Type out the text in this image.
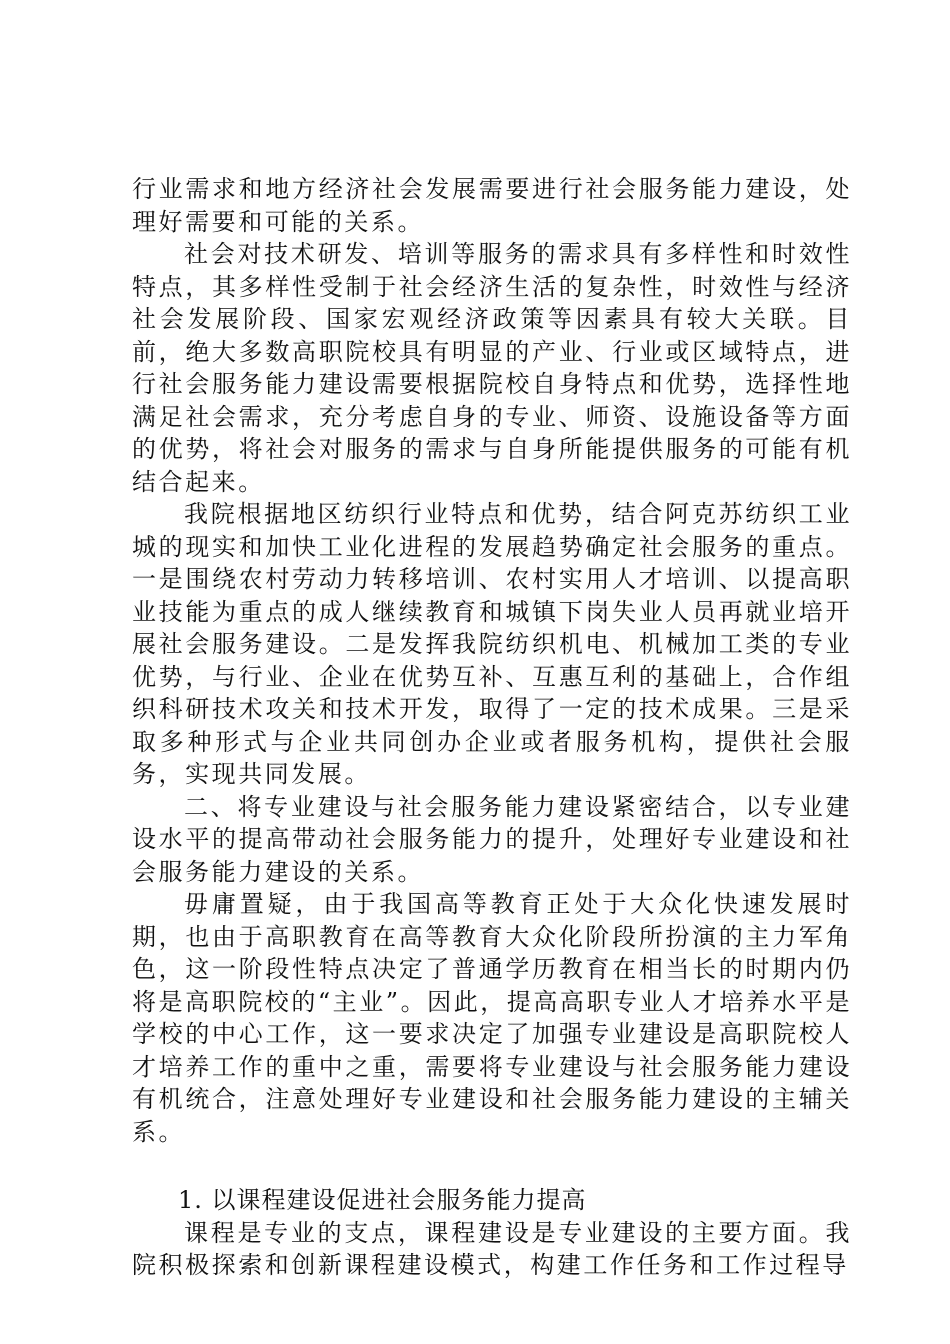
行业需求和地方经济社会发展需要进行社会服务能力建设，处理好需要和可能的关系。

社会对技术研发、培训等服务的需求具有多样性和时效性特点，其多样性受制于社会经济生活的复杂性，时效性与经济社会发展阶段、国家宏观经济政策等因素具有较大关联。目前，绝大多数高职院校具有明显的产业、行业或区域特点，进行社会服务能力建设需要根据院校自身特点和优势，选择性地满足社会需求，充分考虑自身的专业、师资、设施设备等方面的优势，将社会对服务的需求与自身所能提供服务的可能有机结合起来。

我院根据地区纺织行业特点和优势，结合阿克苏纺织工业城的现实和加快工业化进程的发展趋势确定社会服务的重点。一是围绕农村劳动力转移培训、农村实用人才培训、以提高职业技能为重点的成人继续教育和城镇下岗失业人员再就业培开展社会服务建设。二是发挥我院纺织机电、机械加工类的专业优势，与行业、企业在优势互补、互惠互利的基础上，合作组织科研技术攻关和技术开发，取得了一定的技术成果。三是采取多种形式与企业共同创办企业或者服务机构，提供社会服务，实现共同发展。

二、将专业建设与社会服务能力建设紧密结合，以专业建设水平的提高带动社会服务能力的提升，处理好专业建设和社会服务能力建设的关系。

毋庸置疑，由于我国高等教育正处于大众化快速发展时期，也由于高职教育在高等教育大众化阶段所扮演的主力军角色，这一阶段性特点决定了普通学历教育在相当长的时期内仍将是高职院校的“主业”。因此，提高高职专业人才培养水平是学校的中心工作，这一要求决定了加强专业建设是高职院校人才培养工作的重中之重，需要将专业建设与社会服务能力建设有机统合，注意处理好专业建设和社会服务能力建设的主辅关系。

1. 以课程建设促进社会服务能力提高

课程是专业的支点，课程建设是专业建设的主要方面。我院积极探索和创新课程建设模式，构建工作任务和工作过程导
